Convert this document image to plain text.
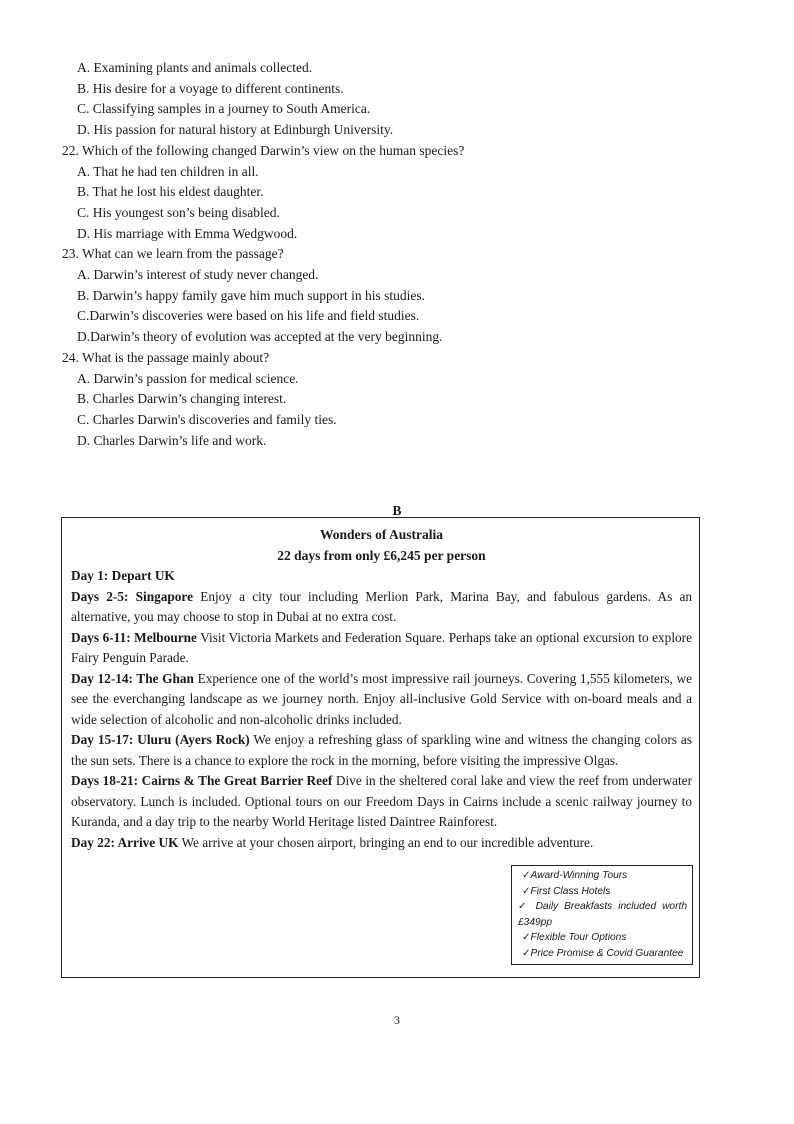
A. Examining plants and animals collected.
B. His desire for a voyage to different continents.
C. Classifying samples in a journey to South America.
D. His passion for natural history at Edinburgh University.
22. Which of the following changed Darwin’s view on the human species?
A. That he had ten children in all.
B. That he lost his eldest daughter.
C. His youngest son’s being disabled.
D. His marriage with Emma Wedgwood.
23. What can we learn from the passage?
A. Darwin’s interest of study never changed.
B. Darwin’s happy family gave him much support in his studies.
C.Darwin’s discoveries were based on his life and field studies.
D.Darwin’s theory of evolution was accepted at the very beginning.
24. What is the passage mainly about?
A. Darwin’s passion for medical science.
B. Charles Darwin’s changing interest.
C. Charles Darwin's discoveries and family ties.
D. Charles Darwin’s life and work.
B
Wonders of Australia
22 days from only £6,245 per person

Day 1: Depart UK

Days 2-5: Singapore Enjoy a city tour including Merlion Park, Marina Bay, and fabulous gardens. As an alternative, you may choose to stop in Dubai at no extra cost.

Days 6-11: Melbourne Visit Victoria Markets and Federation Square. Perhaps take an optional excursion to explore Fairy Penguin Parade.

Day 12-14: The Ghan Experience one of the world’s most impressive rail journeys. Covering 1,555 kilometers, we see the everchanging landscape as we journey north. Enjoy all-inclusive Gold Service with on-board meals and a wide selection of alcoholic and non-alcoholic drinks included.

Day 15-17: Uluru (Ayers Rock) We enjoy a refreshing glass of sparkling wine and witness the changing colors as the sun sets. There is a chance to explore the rock in the morning, before visiting the impressive Olgas.

Days 18-21: Cairns & The Great Barrier Reef Dive in the sheltered coral lake and view the reef from underwater observatory. Lunch is included. Optional tours on our Freedom Days in Cairns include a scenic railway journey to Kuranda, and a day trip to the nearby World Heritage listed Daintree Rainforest.

Day 22: Arrive UK We arrive at your chosen airport, bringing an end to our incredible adventure.

✓Award-Winning Tours
✓First Class Hotels
✓ Daily Breakfasts included worth £349pp
✓Flexible Tour Options
✓Price Promise & Covid Guarantee
3
